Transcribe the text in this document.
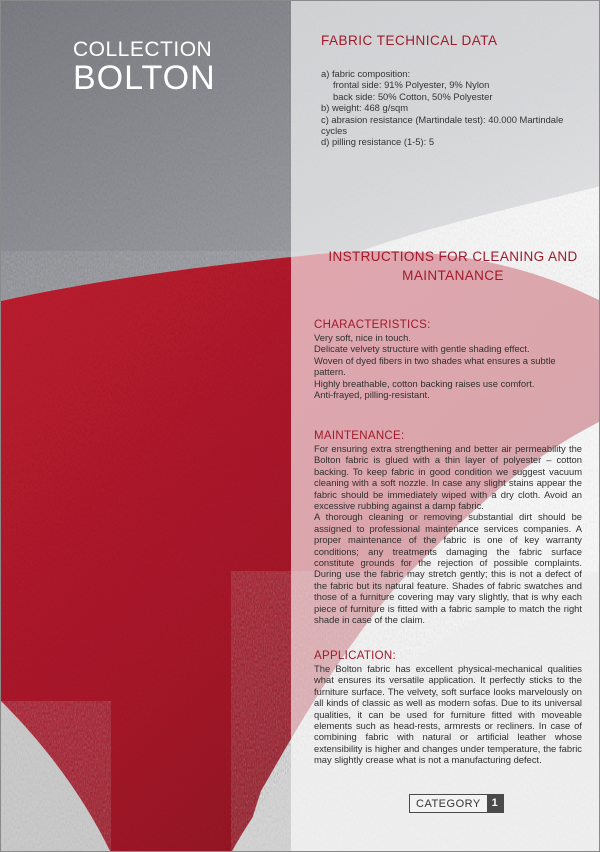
COLLECTION
BOLTON
FABRIC TECHNICAL DATA
a) fabric composition:
frontal side: 91% Polyester, 9% Nylon
back side: 50% Cotton, 50% Polyester
b) weight: 468 g/sqm
c) abrasion resistance (Martindale test): 40.000 Martindale cycles
d) pilling resistance (1-5): 5
INSTRUCTIONS FOR CLEANING AND MAINTANANCE
CHARACTERISTICS:

Very soft, nice in touch.

Delicate velvety structure with gentle shading effect.

Woven of dyed fibers in two shades what ensures a subtle pattern.

Highly breathable, cotton backing raises use comfort.

Anti-frayed, pilling-resistant.

MAINTENANCE:

For ensuring extra strengthening and better air permeability the Bolton fabric is glued with a thin layer of polyester – cotton backing. To keep fabric in good condition we suggest vacuum cleaning with a soft nozzle. In case any slight stains appear the fabric should be immediately wiped with a dry cloth. Avoid an excessive rubbing against a damp fabric.

A thorough cleaning or removing substantial dirt should be assigned to professional maintenance services companies. A proper maintenance of the fabric is one of key warranty conditions; any treatments damaging the fabric surface constitute grounds for the rejection of possible complaints. During use the fabric may stretch gently; this is not a defect of the fabric but its natural feature. Shades of fabric swatches and those of a furniture covering may vary slightly, that is why each piece of furniture is fitted with a fabric sample to match the right shade in case of the claim.

APPLICATION:

The Bolton fabric has excellent physical-mechanical qualities what ensures its versatile application. It perfectly sticks to the furniture surface. The velvety, soft surface looks marvelously on all kinds of classic as well as modern sofas. Due to its universal qualities, it can be used for furniture fitted with moveable elements such as head-rests, armrests or recliners. In case of combining fabric with natural or artificial leather whose extensibility is higher and changes under temperature, the fabric may slightly crease what is not a manufacturing defect.

CATEGORY 1
